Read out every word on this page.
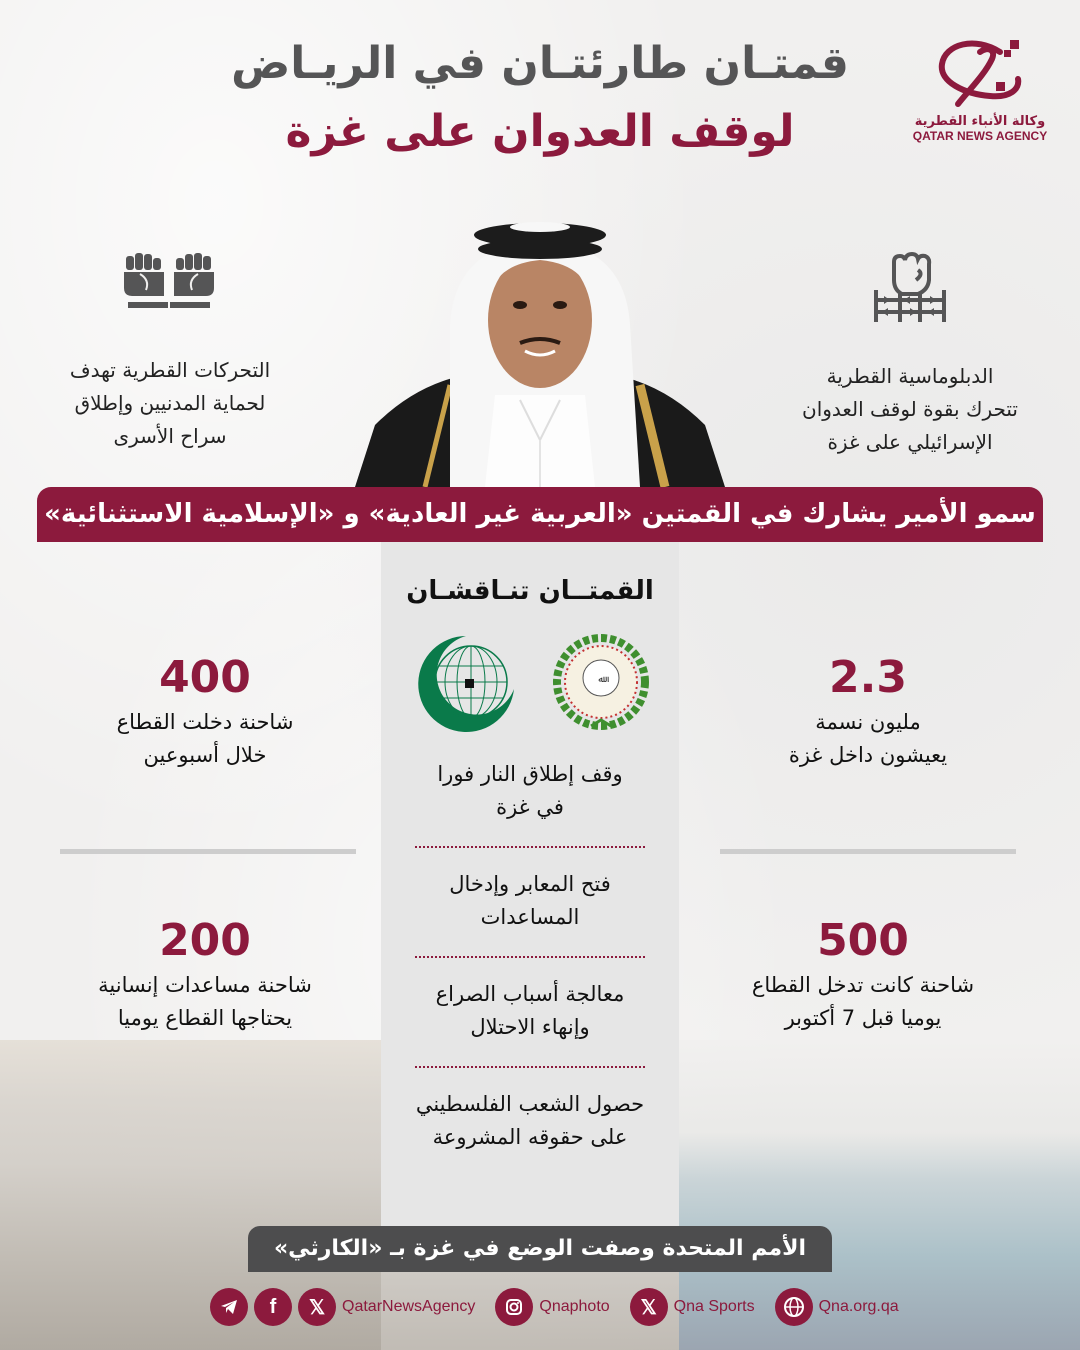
قمتـان طارئتـان في الريـاض
لوقف العدوان على غزة	وكالة الأنباء القطرية
QATAR NEWS AGENCY
التحركات القطرية تهدف
لحماية المدنيين وإطلاق
سراح الأسرى
الدبلوماسية القطرية
تتحرك بقوة لوقف العدوان
الإسرائيلي على غزة
سمو الأمير يشارك في القمتين «العربية غير العادية» و «الإسلامية الاستثنائية»
القمتــان تنـاقشـان
ﷲ
وقف إطلاق النار فورا
في غزة
فتح المعابر وإدخال
المساعدات
معالجة أسباب الصراع
وإنهاء الاحتلال
حصول الشعب الفلسطيني
على حقوقه المشروعة
2.3
مليون نسمة
يعيشون داخل غزة
400
شاحنة دخلت القطاع
خلال أسبوعين
500
شاحنة كانت تدخل القطاع
يوميا قبل 7 أكتوبر
200
شاحنة مساعدات إنسانية
يحتاجها القطاع يوميا
الأمم المتحدة وصفت الوضع في غزة بـ «الكارثي»
f	𝕏	QatarNewsAgency	Qnaphoto	𝕏	Qna Sports	Qna.org.qa
